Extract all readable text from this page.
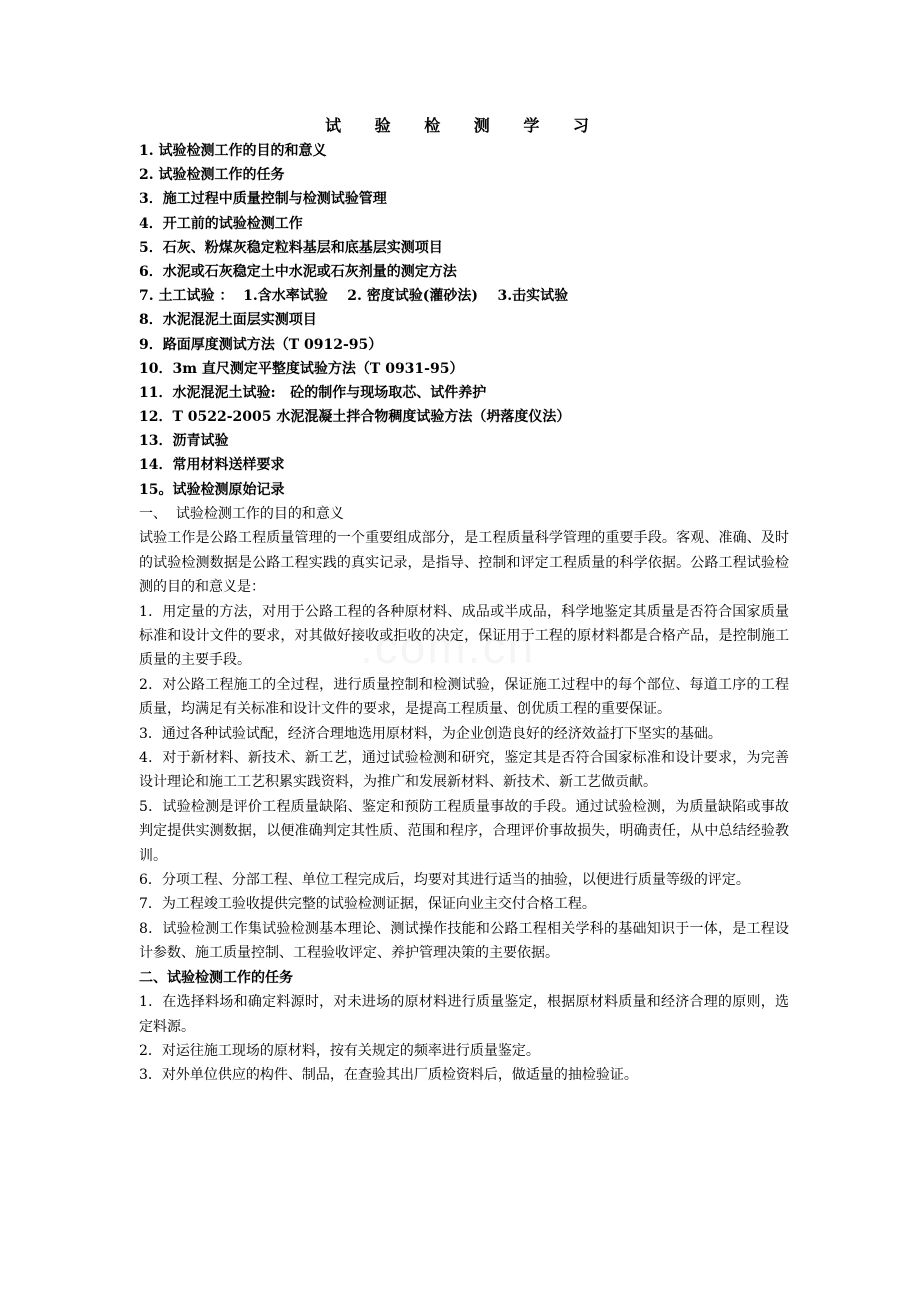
试 验 检 测 学 习
1. 试验检测工作的目的和意义
2. 试验检测工作的任务
3．施工过程中质量控制与检测试验管理
4．开工前的试验检测工作
5．石灰、粉煤灰稳定粒料基层和底基层实测项目
6．水泥或石灰稳定土中水泥或石灰剂量的测定方法
7. 土工试验 ：  1.含水率试验    2. 密度试验(灌砂法)    3.击实试验
8．水泥混泥土面层实测项目
9．路面厚度测试方法（T 0912-95）
10．3m 直尺测定平整度试验方法（T 0931-95）
11．水泥混泥土试验:   砼的制作与现场取芯、试件养护
12．T 0522-2005 水泥混凝土拌合物稠度试验方法（坍落度仪法）
13．沥青试验
14．常用材料送样要求
15。试验检测原始记录
一、  试验检测工作的目的和意义

试验工作是公路工程质量管理的一个重要组成部分，是工程质量科学管理的重要手段。客观、准确、及时的试验检测数据是公路工程实践的真实记录，是指导、控制和评定工程质量的科学依据。公路工程试验检测的目的和意义是：

1．用定量的方法，对用于公路工程的各种原材料、成品或半成品，科学地鉴定其质量是否符合国家质量标准和设计文件的要求，对其做好接收或拒收的决定，保证用于工程的原材料都是合格产品，是控制施工质量的主要手段。

2．对公路工程施工的全过程，进行质量控制和检测试验，保证施工过程中的每个部位、每道工序的工程质量，均满足有关标准和设计文件的要求，是提高工程质量、创优质工程的重要保证。

3．通过各种试验试配，经济合理地选用原材料，为企业创造良好的经济效益打下坚实的基础。

4．对于新材料、新技术、新工艺，通过试验检测和研究，鉴定其是否符合国家标准和设计要求，为完善设计理论和施工工艺积累实践资料，为推广和发展新材料、新技术、新工艺做贡献。

5．试验检测是评价工程质量缺陷、鉴定和预防工程质量事故的手段。通过试验检测，为质量缺陷或事故判定提供实测数据，以便准确判定其性质、范围和程序，合理评价事故损失，明确责任，从中总结经验教训。

6．分项工程、分部工程、单位工程完成后，均要对其进行适当的抽验，以便进行质量等级的评定。

7．为工程竣工验收提供完整的试验检测证据，保证向业主交付合格工程。

8．试验检测工作集试验检测基本理论、测试操作技能和公路工程相关学科的基础知识于一体，是工程设计参数、施工质量控制、工程验收评定、养护管理决策的主要依据。

二、试验检测工作的任务

1．在选择料场和确定料源时，对未进场的原材料进行质量鉴定，根据原材料质量和经济合理的原则，选定料源。

2．对运往施工现场的原材料，按有关规定的频率进行质量鉴定。

3．对外单位供应的构件、制品，在查验其出厂质检资料后，做适量的抽检验证。
